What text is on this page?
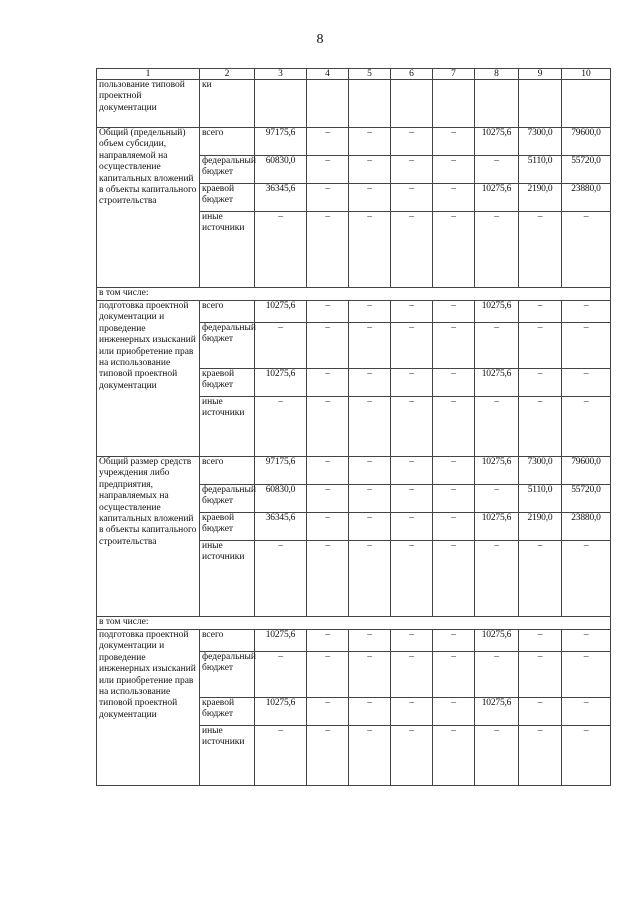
8
1	2	3	4	5	6	7	8	9	10
пользование типовой проектной документации	ки								
Общий (предельный) объем субсидии, направляемой на осуществление капитальных вложений в объекты капитального строительства	всего	97175,6	–	–	–	–	10275,6	7300,0	79600,0
	федеральный бюджет	60830,0	–	–	–	–	–	5110,0	55720,0
	краевой бюджет	36345,6	–	–	–	–	10275,6	2190,0	23880,0
	иные источники	–	–	–	–	–	–	–	–
в том числе:									
подготовка проектной документации и проведение инженерных изысканий или приобретение прав на использование типовой проектной документации	всего	10275,6	–	–	–	–	10275,6	–	–
	федеральный бюджет	–	–	–	–	–	–	–	–
	краевой бюджет	10275,6	–	–	–	–	10275,6	–	–
	иные источники	–	–	–	–	–	–	–	–
Общий размер средств учреждения либо предприятия, направляемых на осуществление капитальных вложений в объекты капитального строительства	всего	97175,6	–	–	–	–	10275,6	7300,0	79600,0
	федеральный бюджет	60830,0	–	–	–	–	–	5110,0	55720,0
	краевой бюджет	36345,6	–	–	–	–	10275,6	2190,0	23880,0
	иные источники	–	–	–	–	–	–	–	–
в том числе:									
подготовка проектной документации и проведение инженерных изысканий или приобретение прав на использование типовой проектной документации	всего	10275,6	–	–	–	–	10275,6	–	–
	федеральный бюджет	–	–	–	–	–	–	–	–
	краевой бюджет	10275,6	–	–	–	–	10275,6	–	–
	иные источники	–	–	–	–	–	–	–	–
